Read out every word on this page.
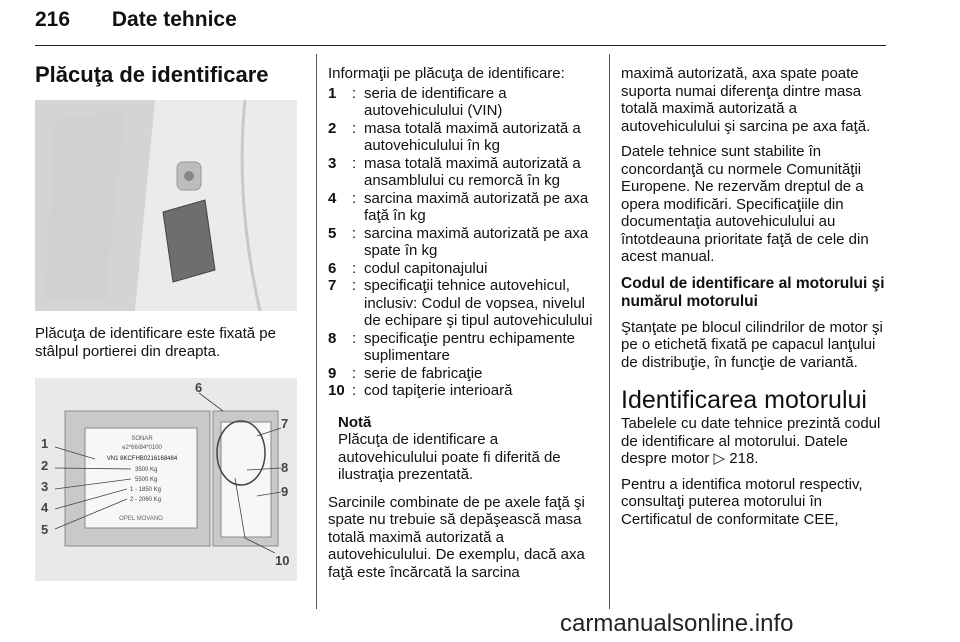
216 Date tehnice
Plăcuţa de identificare

Plăcuţa de identificare este fixată pe stâlpul portierei din dreapta.

SONAR
e2*66/84*0100
VN1 8KCFHB0216168484
3500 Kg
5500 Kg
1 - 1850 Kg
2 - 2060 Kg
OPEL MOVANO
1
2
3
4
5
6
7
8
9
10

Informaţii pe plăcuţa de identificare:

1	: seria de identificare a autovehiculului (VIN)
2	: masa totală maximă autorizată a autovehiculului în kg
3	: masa totală maximă autorizată a ansamblului cu remorcă în kg
4	: sarcina maximă autorizată pe axa faţă în kg
5	: sarcina maximă autorizată pe axa spate în kg
6	: codul capitonajului
7	: specificaţii tehnice autovehicul, inclusiv: Codul de vopsea, nivelul de echipare şi tipul autovehiculului
8	: specificaţie pentru echipamente suplimentare
9	: serie de fabricaţie
10 : cod tapiţerie interioară
Notă

Plăcuţa de identificare a autovehiculului poate fi diferită de ilustraţia prezentată.

Sarcinile combinate de pe axele faţă şi spate nu trebuie să depăşească masa totală maximă autorizată a autovehiculului. De exemplu, dacă axa faţă este încărcată la sarcina

maximă autorizată, axa spate poate suporta numai diferenţa dintre masa totală maximă autorizată a autovehiculului şi sarcina pe axa faţă.

Datele tehnice sunt stabilite în concordanţă cu normele Comunităţii Europene. Ne rezervăm dreptul de a opera modificări. Specificaţiile din documentaţia autovehiculului au întotdeauna prioritate faţă de cele din acest manual.

Codul de identificare al motorului şi numărul motorului

Ştanţate pe blocul cilindrilor de motor şi pe o etichetă fixată pe capacul lanţului de distribuţie, în funcţie de variantă.

Identificarea motorului

Tabelele cu date tehnice prezintă codul de identificare al motorului. Datele despre motor ▷ 218.

Pentru a identifica motorul respectiv, consultaţi puterea motorului în Certificatul de conformitate CEE,

carmanualsonline.info
